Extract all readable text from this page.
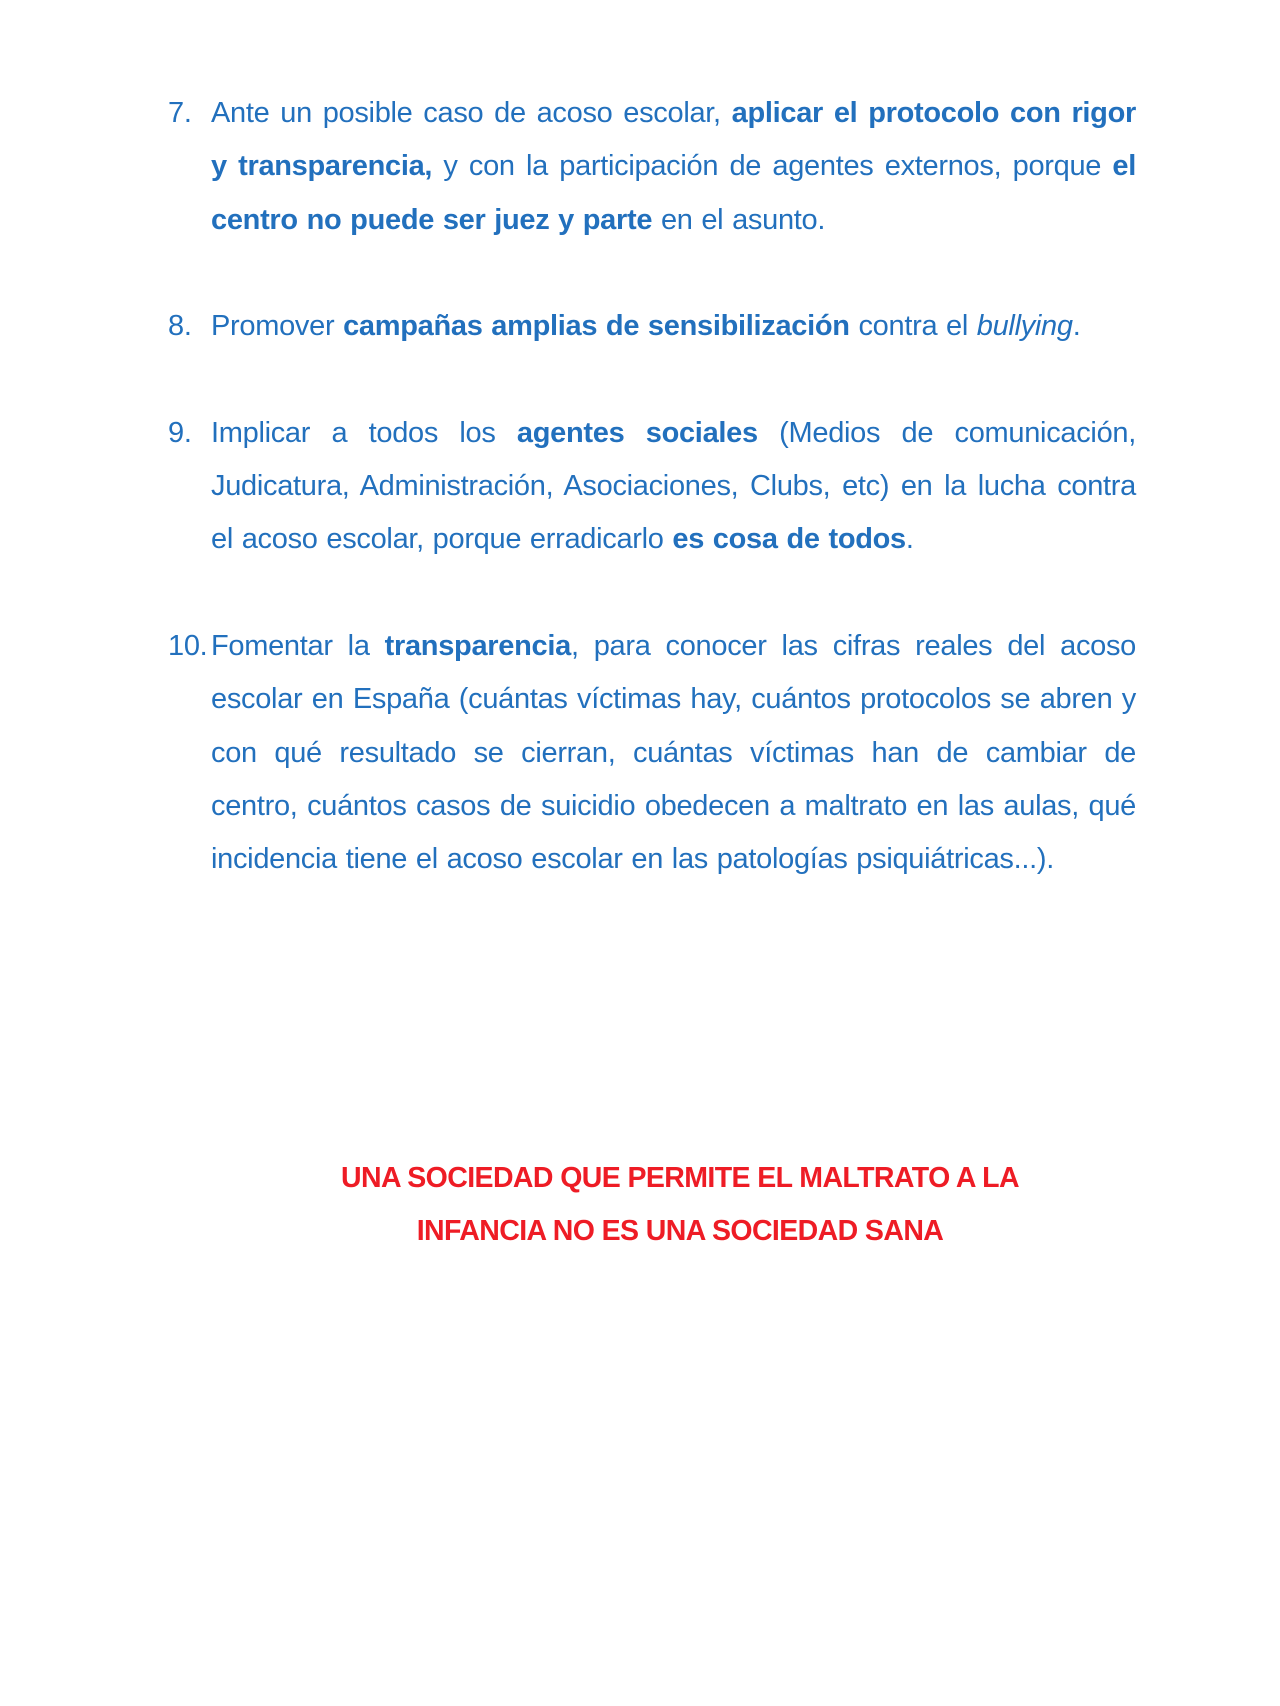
7. Ante un posible caso de acoso escolar, aplicar el protocolo con rigor y transparencia, y con la participación de agentes externos, porque el centro no puede ser juez y parte en el asunto.
8. Promover campañas amplias de sensibilización contra el bullying.
9. Implicar a todos los agentes sociales (Medios de comunicación, Judicatura, Administración, Asociaciones, Clubs, etc) en la lucha contra el acoso escolar, porque erradicarlo es cosa de todos.
10. Fomentar la transparencia, para conocer las cifras reales del acoso escolar en España (cuántas víctimas hay, cuántos protocolos se abren y con qué resultado se cierran, cuántas víctimas han de cambiar de centro, cuántos casos de suicidio obedecen a maltrato en las aulas, qué incidencia tiene el acoso escolar en las patologías psiquiátricas...).
UNA SOCIEDAD QUE PERMITE EL MALTRATO A LA
INFANCIA NO ES UNA SOCIEDAD SANA
